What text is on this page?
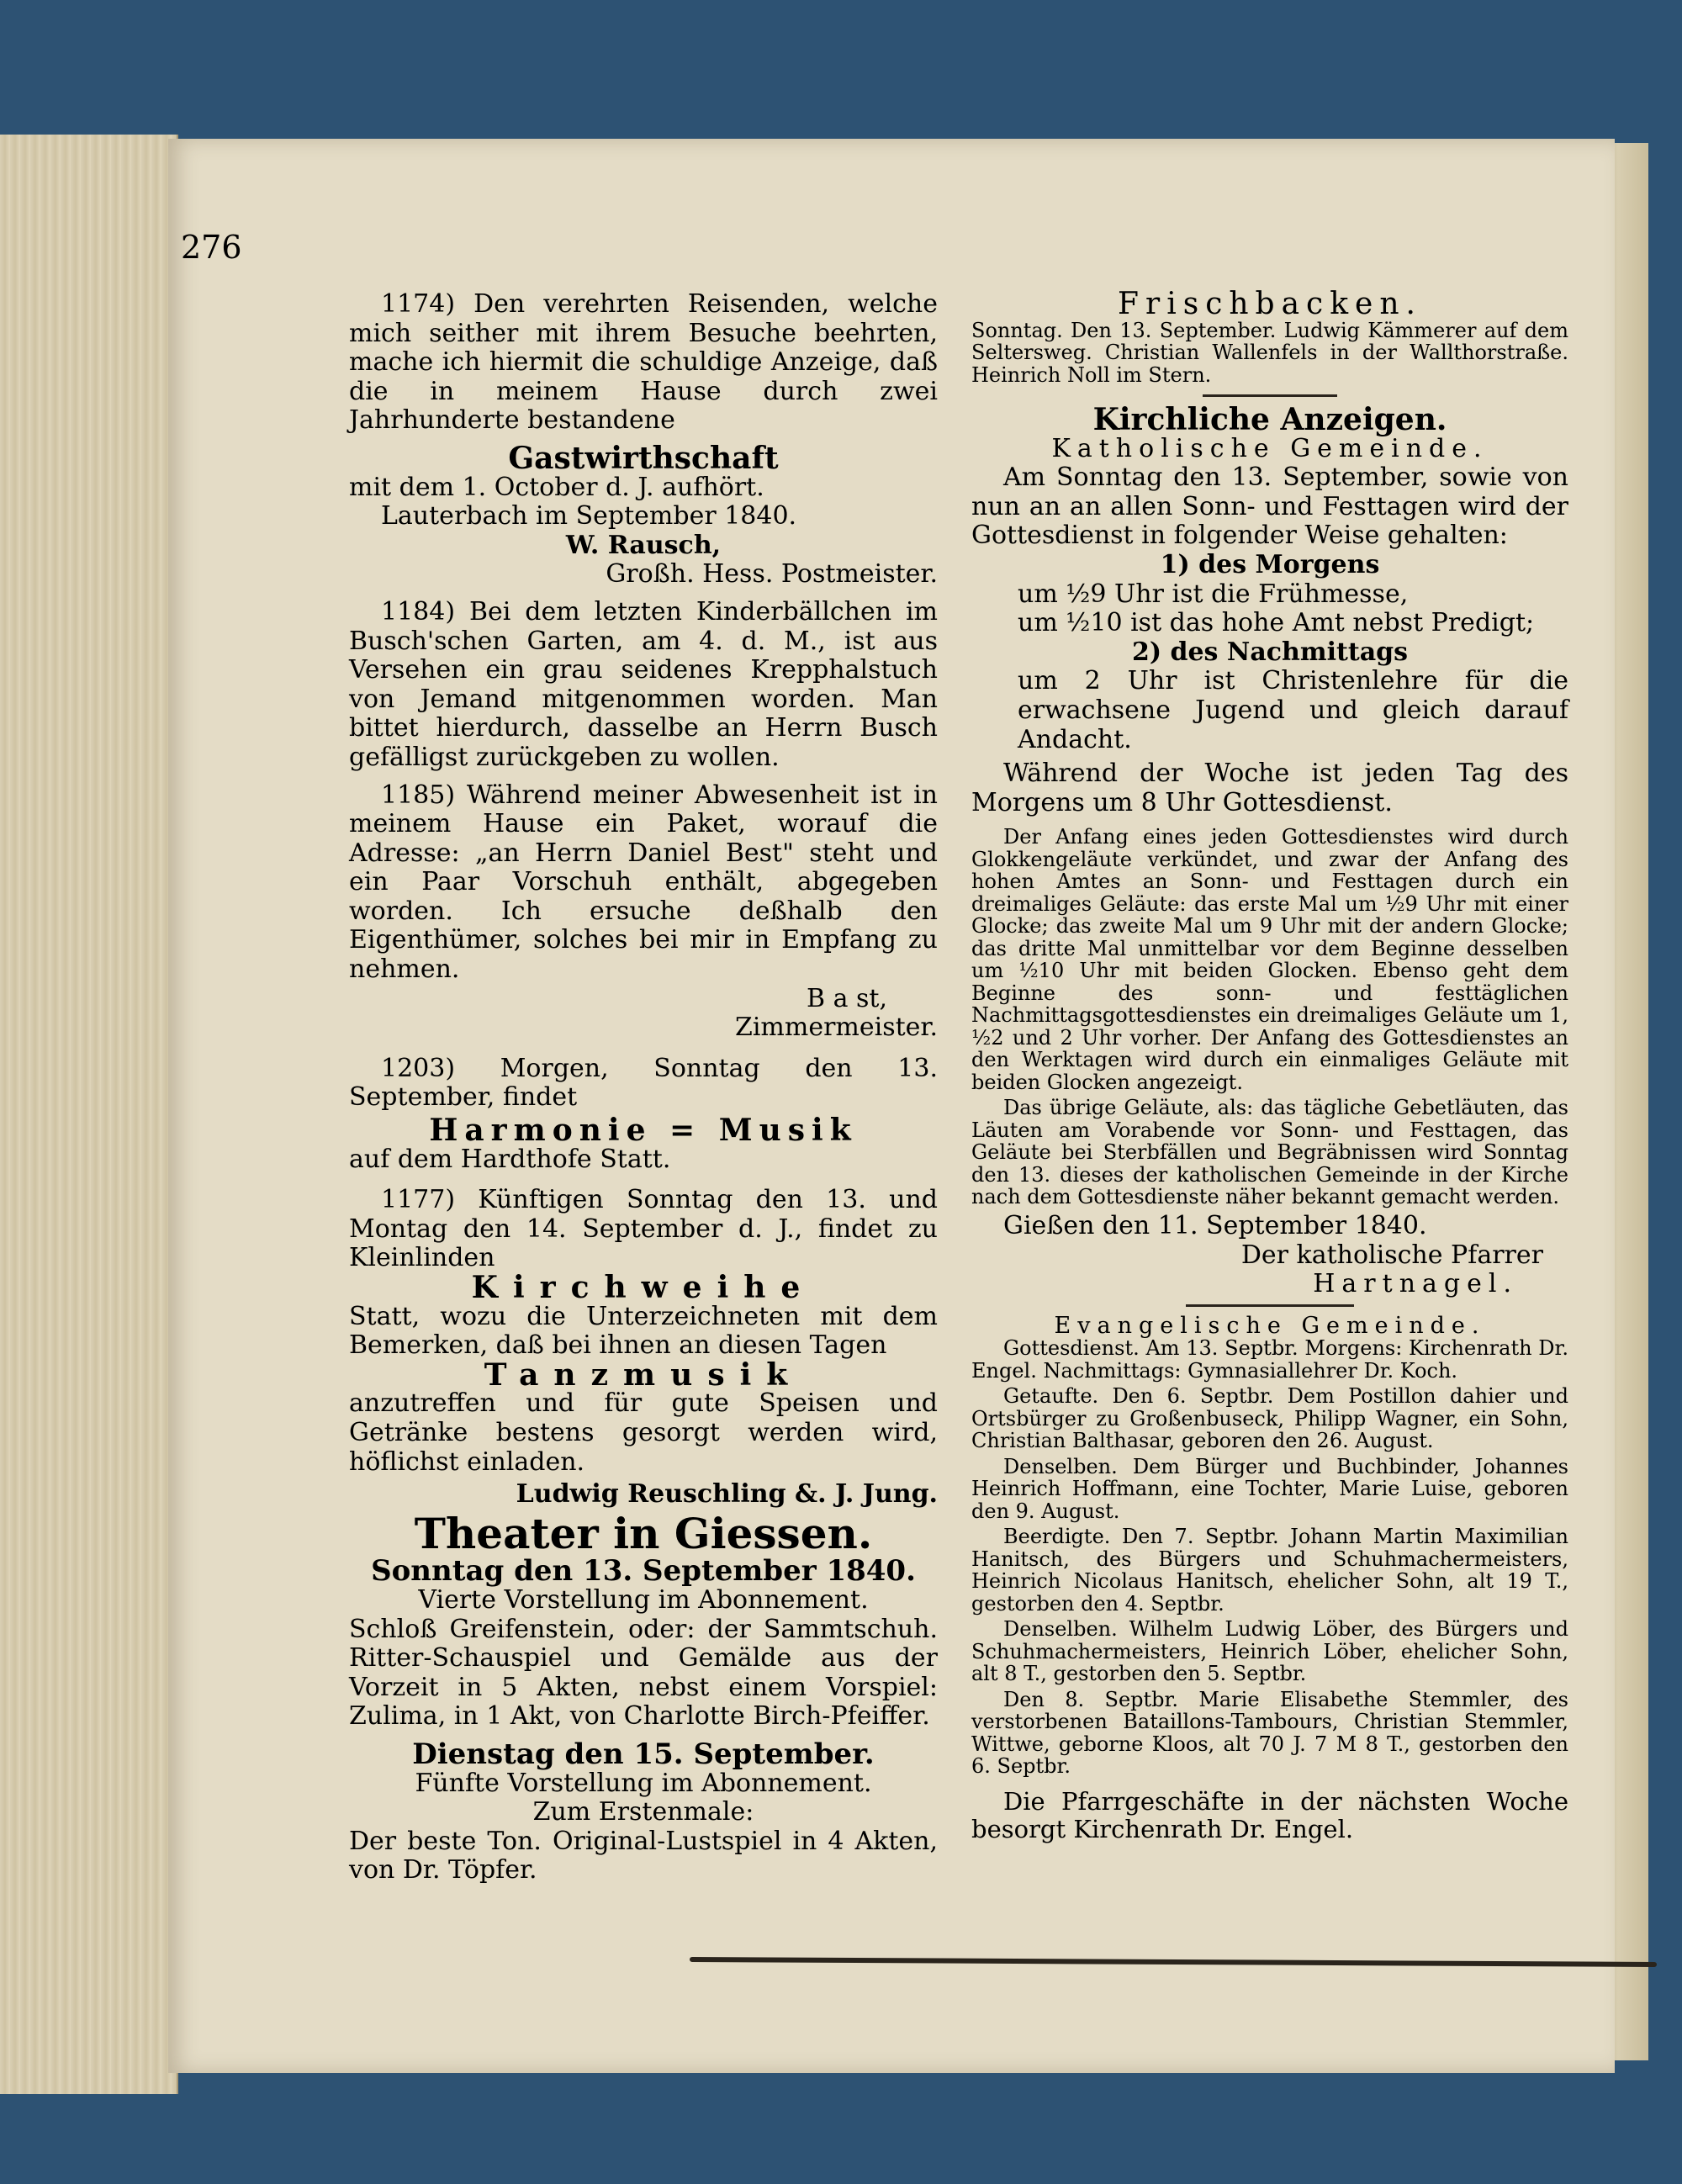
276

1174) Den verehrten Reisenden, welche mich seither mit ihrem Besuche beehrten, mache ich hiermit die schuldige Anzeige, daß die in meinem Hause durch zwei Jahrhunderte bestandene

Gastwirthschaft
mit dem 1. October d. J. aufhört.
Lauterbach im September 1840.
W. Rausch,
Großh. Hess. Postmeister.

1184) Bei dem letzten Kinderbällchen im Busch'schen Garten, am 4. d. M., ist aus Versehen ein grau seidenes Krepphalstuch von Jemand mitgenommen worden. Man bittet hierdurch, dasselbe an Herrn Busch gefälligst zurückgeben zu wollen.

1185) Während meiner Abwesenheit ist in meinem Hause ein Paket, worauf die Adresse: „an Herrn Daniel Best" steht und ein Paar Vorschuh enthält, abgegeben worden. Ich ersuche deßhalb den Eigenthümer, solches bei mir in Empfang zu nehmen.

B a st,
Zimmermeister.

1203) Morgen, Sonntag den 13. September, findet

Harmonie = Musik
auf dem Hardthofe Statt.

1177) Künftigen Sonntag den 13. und Montag den 14. September d. J., findet zu Kleinlinden

Kirchweihe

Statt, wozu die Unterzeichneten mit dem Bemerken, daß bei ihnen an diesen Tagen

Tanzmusik

anzutreffen und für gute Speisen und Getränke bestens gesorgt werden wird, höflichst einladen.

Ludwig Reuschling &. J. Jung.
Theater in Giessen.
Sonntag den 13. September 1840.
Vierte Vorstellung im Abonnement.

Schloß Greifenstein, oder: der Sammtschuh. Ritter-Schauspiel und Gemälde aus der Vorzeit in 5 Akten, nebst einem Vorspiel: Zulima, in 1 Akt, von Charlotte Birch-Pfeiffer.

Dienstag den 15. September.
Fünfte Vorstellung im Abonnement.
Zum Erstenmale:

Der beste Ton. Original-Lustspiel in 4 Akten, von Dr. Töpfer.

Frischbacken.

Sonntag. Den 13. September. Ludwig Kämmerer auf dem Seltersweg. Christian Wallenfels in der Wallthorstraße. Heinrich Noll im Stern.

Kirchliche Anzeigen.
Katholische Gemeinde.

Am Sonntag den 13. September, sowie von nun an an allen Sonn- und Festtagen wird der Gottesdienst in folgender Weise gehalten:

1) des Morgens
um ½9 Uhr ist die Frühmesse,
um ½10 ist das hohe Amt nebst Predigt;
2) des Nachmittags

um 2 Uhr ist Christenlehre für die erwachsene Jugend und gleich darauf Andacht.

Während der Woche ist jeden Tag des Morgens um 8 Uhr Gottesdienst.

Der Anfang eines jeden Gottesdienstes wird durch Glokkengeläute verkündet, und zwar der Anfang des hohen Amtes an Sonn- und Festtagen durch ein dreimaliges Geläute: das erste Mal um ½9 Uhr mit einer Glocke; das zweite Mal um 9 Uhr mit der andern Glocke; das dritte Mal unmittelbar vor dem Beginne desselben um ½10 Uhr mit beiden Glocken. Ebenso geht dem Beginne des sonn- und festtäglichen Nachmittagsgottesdienstes ein dreimaliges Geläute um 1, ½2 und 2 Uhr vorher. Der Anfang des Gottesdienstes an den Werktagen wird durch ein einmaliges Geläute mit beiden Glocken angezeigt.

Das übrige Geläute, als: das tägliche Gebetläuten, das Läuten am Vorabende vor Sonn- und Festtagen, das Geläute bei Sterbfällen und Begräbnissen wird Sonntag den 13. dieses der katholischen Gemeinde in der Kirche nach dem Gottesdienste näher bekannt gemacht werden.

Gießen den 11. September 1840.
Der katholische Pfarrer
Hartnagel.
Evangelische Gemeinde.

Gottesdienst. Am 13. Septbr. Morgens: Kirchenrath Dr. Engel. Nachmittags: Gymnasiallehrer Dr. Koch.

Getaufte. Den 6. Septbr. Dem Postillon dahier und Ortsbürger zu Großenbuseck, Philipp Wagner, ein Sohn, Christian Balthasar, geboren den 26. August.

Denselben. Dem Bürger und Buchbinder, Johannes Heinrich Hoffmann, eine Tochter, Marie Luise, geboren den 9. August.

Beerdigte. Den 7. Septbr. Johann Martin Maximilian Hanitsch, des Bürgers und Schuhmachermeisters, Heinrich Nicolaus Hanitsch, ehelicher Sohn, alt 19 T., gestorben den 4. Septbr.

Denselben. Wilhelm Ludwig Löber, des Bürgers und Schuhmachermeisters, Heinrich Löber, ehelicher Sohn, alt 8 T., gestorben den 5. Septbr.

Den 8. Septbr. Marie Elisabethe Stemmler, des verstorbenen Bataillons-Tambours, Christian Stemmler, Wittwe, geborne Kloos, alt 70 J. 7 M 8 T., gestorben den 6. Septbr.

Die Pfarrgeschäfte in der nächsten Woche besorgt Kirchenrath Dr. Engel.
